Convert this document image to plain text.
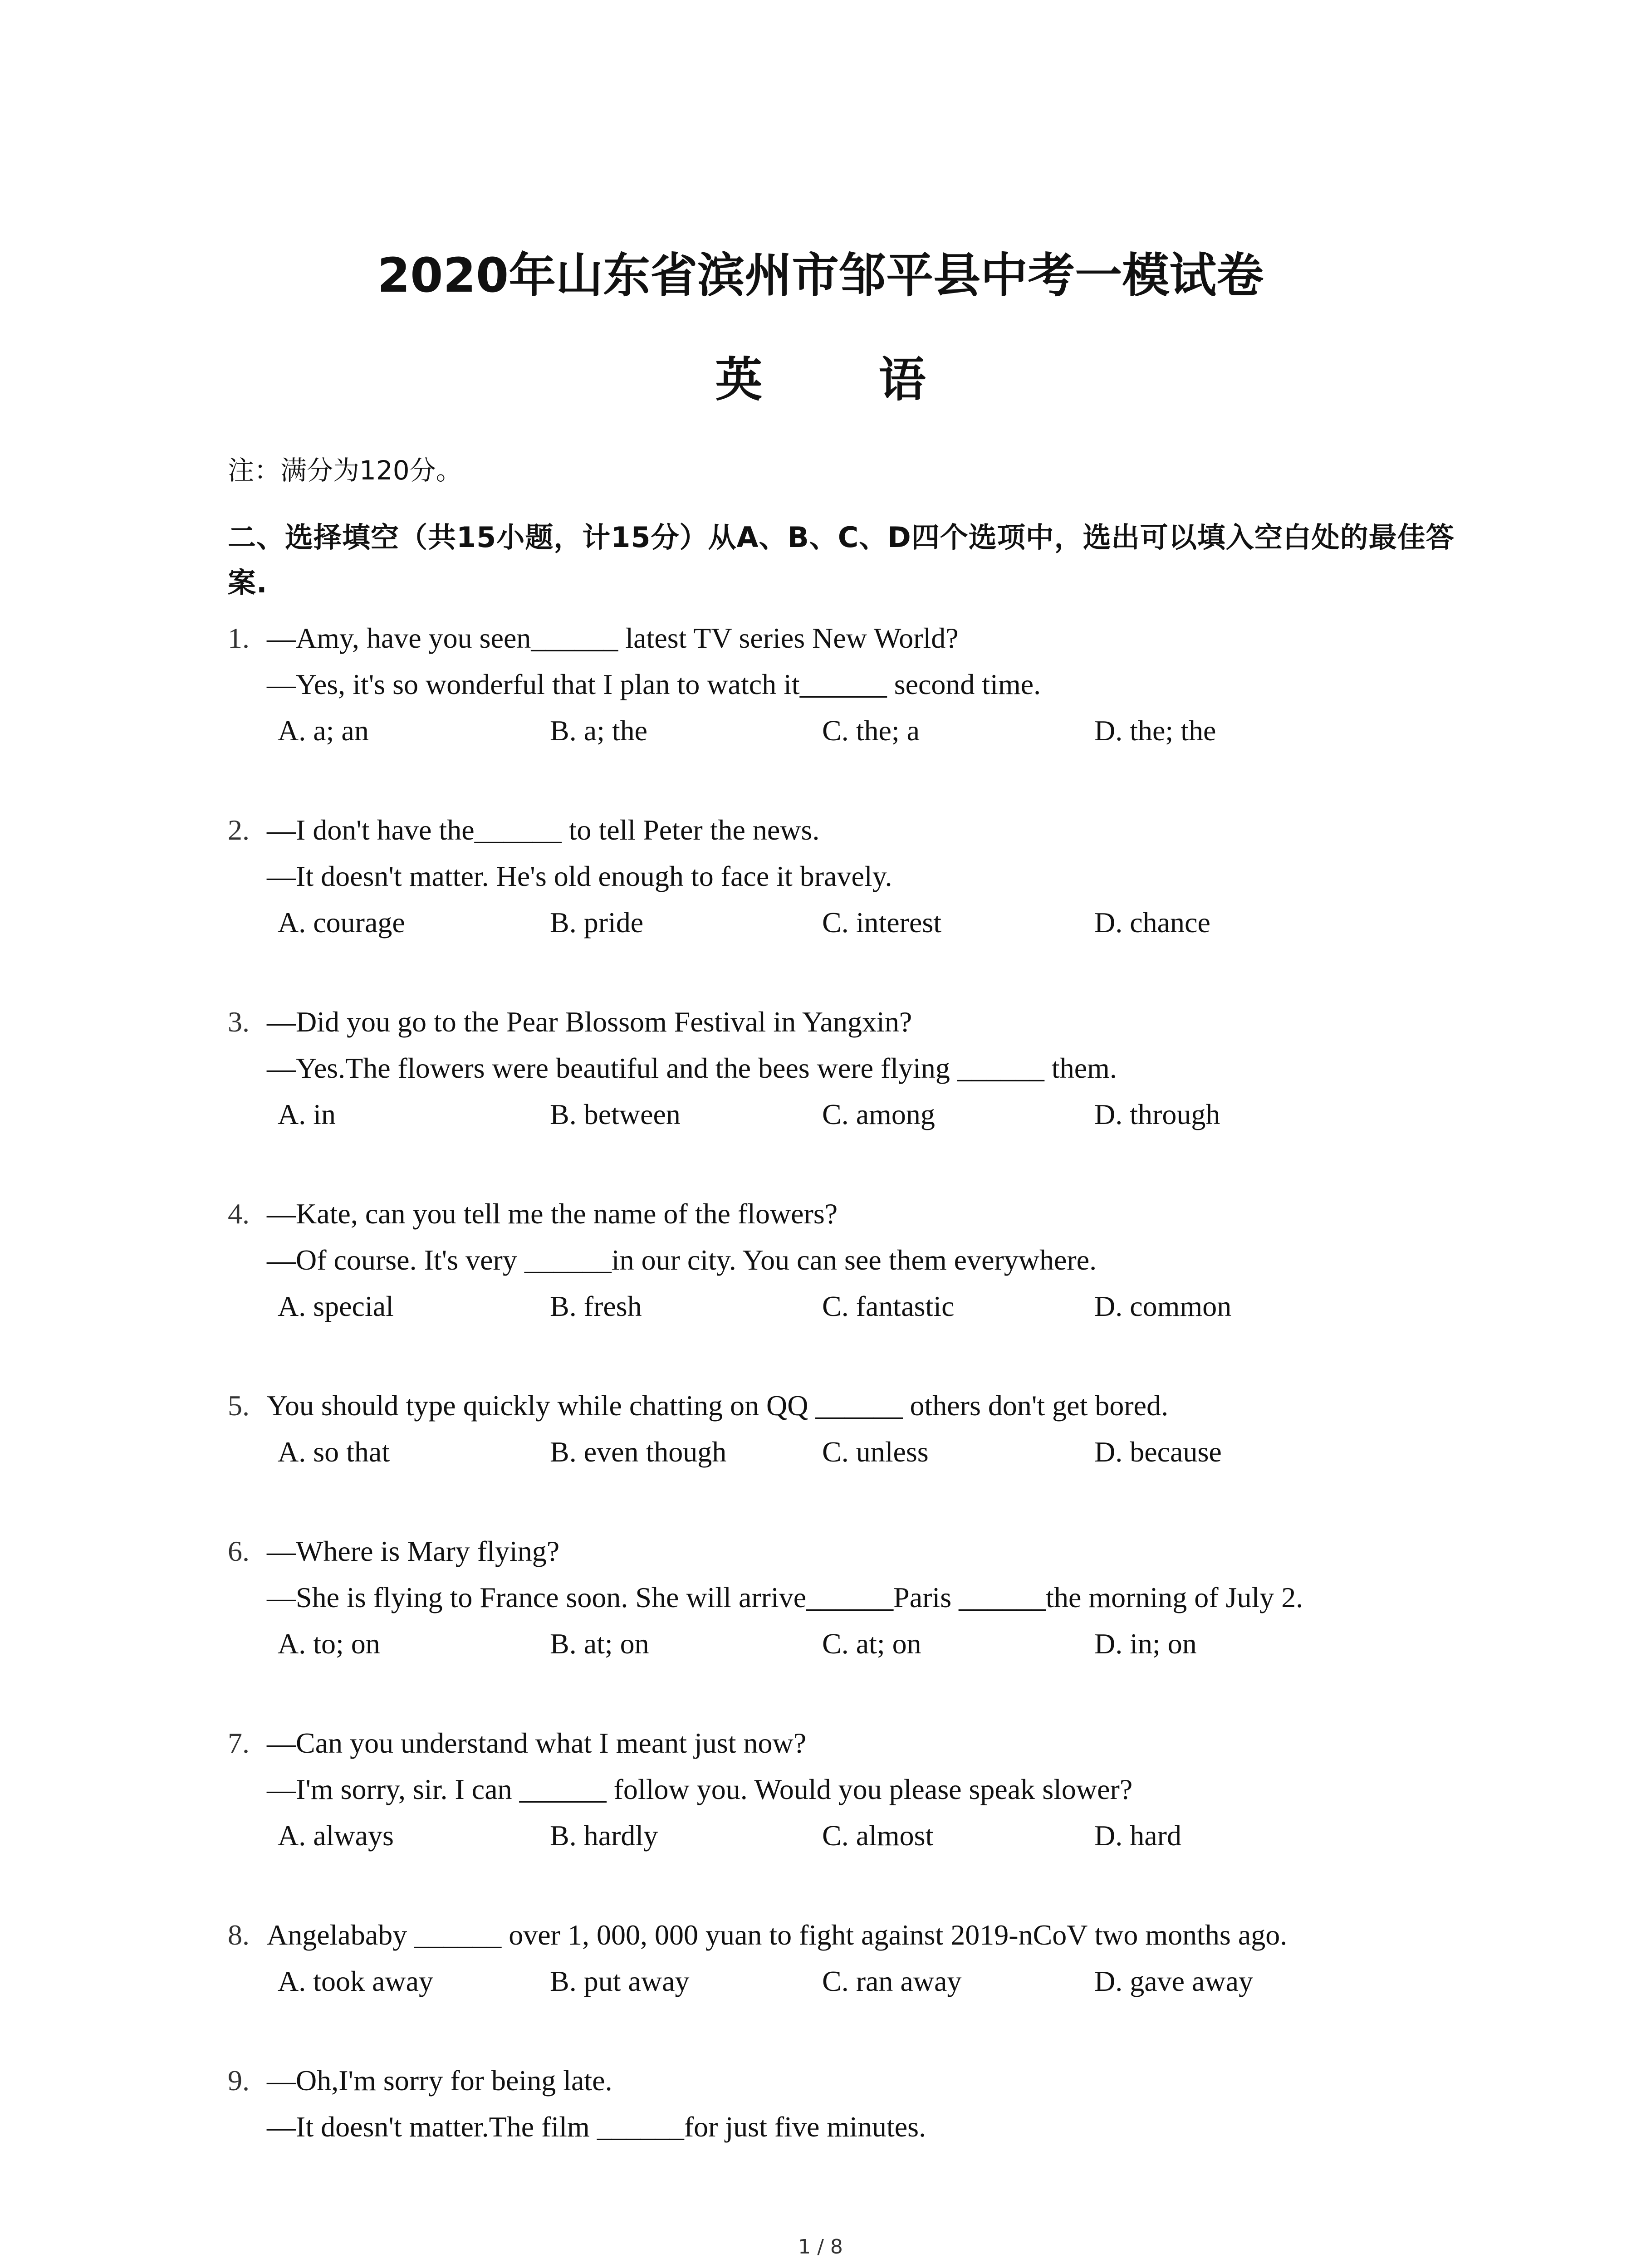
2020年山东省滨州市邹平县中考一模试卷
英 语
注：满分为120分。
二、选择填空（共15小题，计15分）从A、B、C、D四个选项中，选出可以填入空白处的最佳答案.
1. —Amy, have you seen______ latest TV series New World?
—Yes, it's so wonderful that I plan to watch it______ second time.
A. a; an	B. a; the	C. the; a	D. the; the
2. —I don't have the______ to tell Peter the news.
—It doesn't matter. He's old enough to face it bravely.
A. courage	B. pride	C. interest	D. chance
3. —Did you go to the Pear Blossom Festival in Yangxin?
—Yes.The flowers were beautiful and the bees were flying ______ them.
A. in	B. between	C. among	D. through
4. —Kate, can you tell me the name of the flowers?
—Of course. It's very ______in our city. You can see them everywhere.
A. special	B. fresh	C. fantastic	D. common
5. You should type quickly while chatting on QQ ______ others don't get bored.
A. so that	B. even though	C. unless	D. because
6. —Where is Mary flying?
—She is flying to France soon. She will arrive______Paris ______the morning of July 2.
A. to; on	B. at; on	C. at; on	D. in; on
7. —Can you understand what I meant just now?
—I'm sorry, sir. I can ______ follow you. Would you please speak slower?
A. always	B. hardly	C. almost	D. hard
8. Angelababy ______ over 1, 000, 000 yuan to fight against 2019-nCoV two months ago.
A. took away	B. put away	C. ran away	D. gave away
9. —Oh,I'm sorry for being late.
—It doesn't matter.The film ______for just five minutes.
1 / 8
